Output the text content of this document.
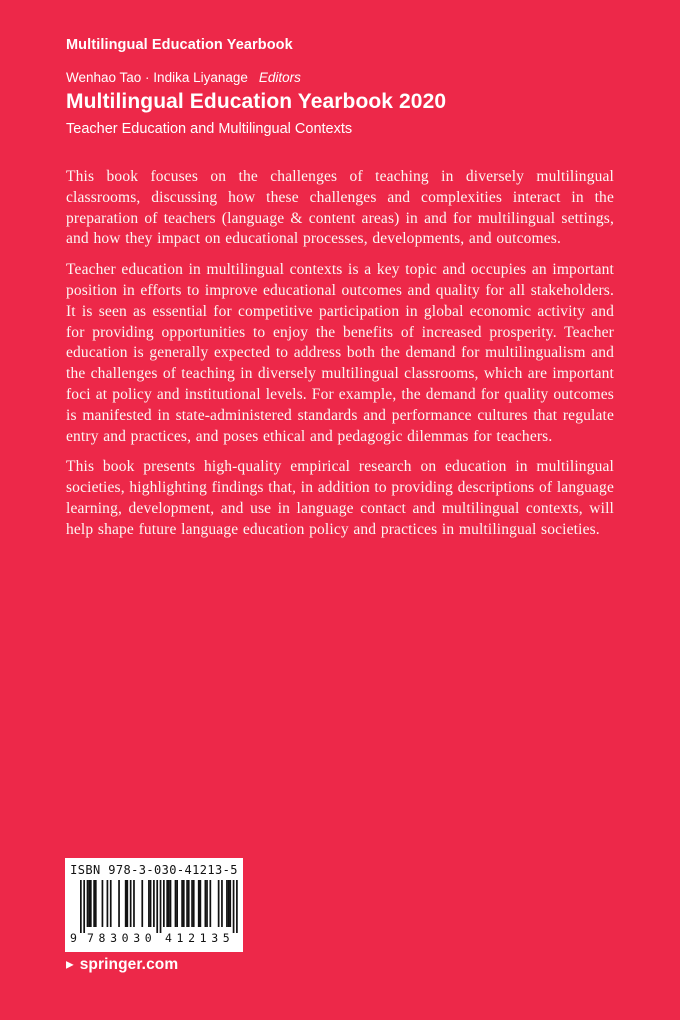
Multilingual Education Yearbook
Wenhao Tao · Indika Liyanage Editors
Multilingual Education Yearbook 2020
Teacher Education and Multilingual Contexts

This book focuses on the challenges of teaching in diversely multilingual classrooms, discussing how these challenges and complexities interact in the preparation of teachers (language & content areas) in and for multilingual settings, and how they impact on educational processes, developments, and outcomes.

Teacher education in multilingual contexts is a key topic and occupies an important position in efforts to improve educational outcomes and quality for all stakeholders. It is seen as essential for competitive participation in global economic activity and for providing opportunities to enjoy the benefits of increased prosperity. Teacher education is generally expected to address both the demand for multilingualism and the challenges of teaching in diversely multilingual classrooms, which are important foci at policy and institutional levels. For example, the demand for quality outcomes is manifested in state-administered standards and performance cultures that regulate entry and practices, and poses ethical and pedagogic dilemmas for teachers.

This book presents high-quality empirical research on education in multilingual societies, highlighting findings that, in addition to providing descriptions of language learning, development, and use in language contact and multilingual contexts, will help shape future language education policy and practices in multilingual societies.

ISBN 978-3-030-41213-5
9 783030 412135
▶ springer.com
